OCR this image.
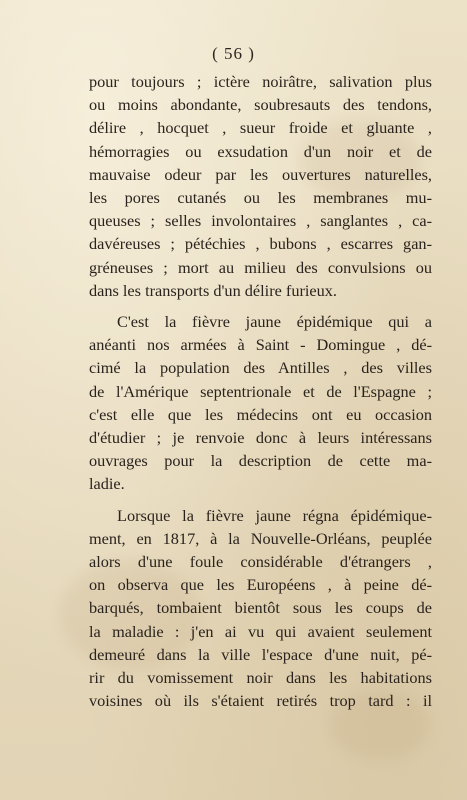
( 56 )

pour toujours ; ictère noirâtre, salivation plus
ou moins abondante, soubresauts des tendons,
délire , hocquet , sueur froide et gluante ,
hémorragies ou exsudation d'un noir et de
mauvaise odeur par les ouvertures naturelles,
les pores cutanés ou les membranes mu-
queuses ; selles involontaires , sanglantes , ca-
davéreuses ; pétéchies , bubons , escarres gan-
gréneuses ; mort au milieu des convulsions ou
dans les transports d'un délire furieux.

C'est la fièvre jaune épidémique qui a
anéanti nos armées à Saint - Domingue , dé-
cimé la population des Antilles , des villes
de l'Amérique septentrionale et de l'Espagne ;
c'est elle que les médecins ont eu occasion
d'étudier ; je renvoie donc à leurs intéressans
ouvrages pour la description de cette ma-
ladie.

Lorsque la fièvre jaune régna épidémique-
ment, en 1817, à la Nouvelle-Orléans, peuplée
alors d'une foule considérable d'étrangers ,
on observa que les Européens , à peine dé-
barqués, tombaient bientôt sous les coups de
la maladie : j'en ai vu qui avaient seulement
demeuré dans la ville l'espace d'une nuit, pé-
rir du vomissement noir dans les habitations
voisines où ils s'étaient retirés trop tard : il
